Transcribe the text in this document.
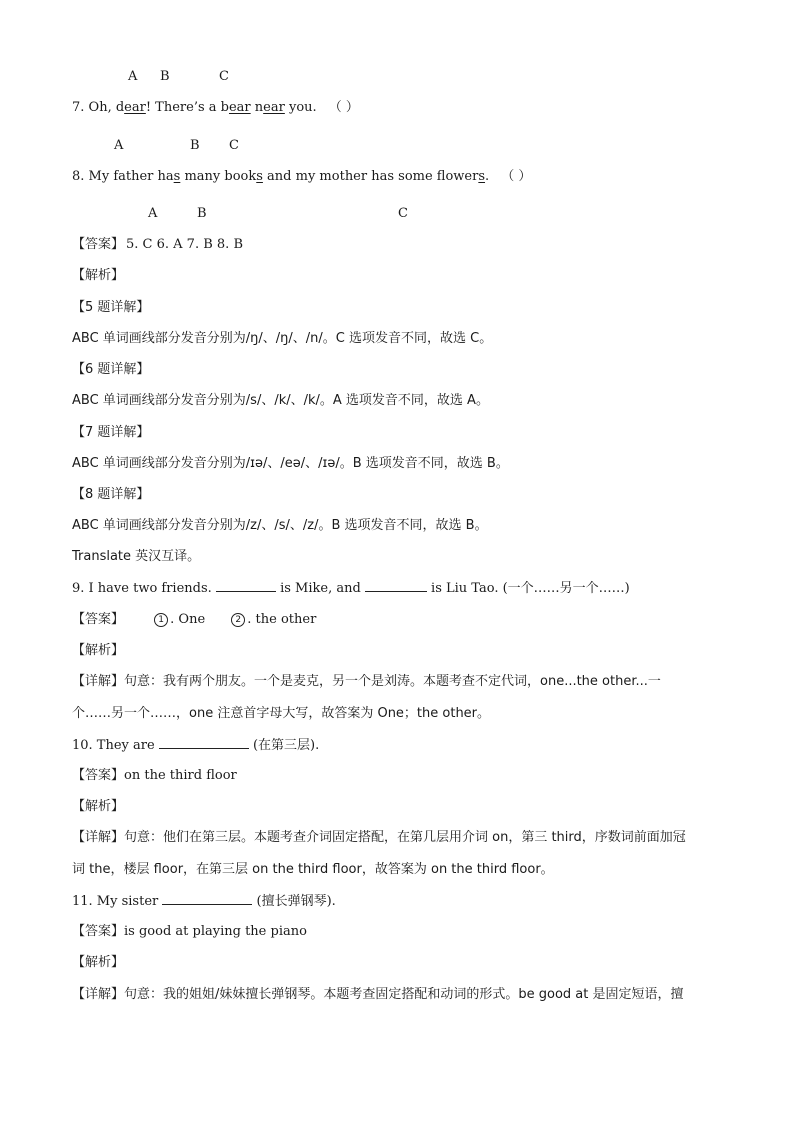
A B	C
7. Oh, dear! There’s a bear near you. （ ）
A	B C
8. My father has many books and my mother has some flowers. （ ）
A	B	C
【答案】 5. C 6. A 7. B 8. B
【解析】
【5 题详解】
ABC 单词画线部分发音分别为/ŋ/、/ŋ/、/n/。C 选项发音不同，故选 C。
【6 题详解】
ABC 单词画线部分发音分别为/s/、/k/、/k/。A 选项发音不同，故选 A。
【7 题详解】
ABC 单词画线部分发音分别为/ɪə/、/eə/、/ɪə/。B 选项发音不同，故选 B。
【8 题详解】
ABC 单词画线部分发音分别为/z/、/s/、/z/。B 选项发音不同，故选 B。
Translate 英汉互译。
9. I have two friends.	is Mike, and	is Liu Tao. (一个……另一个……)
【答案】	1 . One	2 . the other
【解析】
【详解】句意：我有两个朋友。一个是麦克，另一个是刘涛。本题考查不定代词，one...the other...一
个……另一个……，one 注意首字母大写，故答案为 One；the other。
10. They are	(在第三层).
【答案】on the third floor
【解析】
【详解】句意：他们在第三层。本题考查介词固定搭配，在第几层用介词 on，第三 third，序数词前面加冠
词 the，楼层 floor，在第三层 on the third floor，故答案为 on the third floor。
11. My sister	(擅长弹钢琴).
【答案】is good at playing the piano
【解析】
【详解】句意：我的姐姐/妹妹擅长弹钢琴。本题考查固定搭配和动词的形式。be good at 是固定短语，擅
